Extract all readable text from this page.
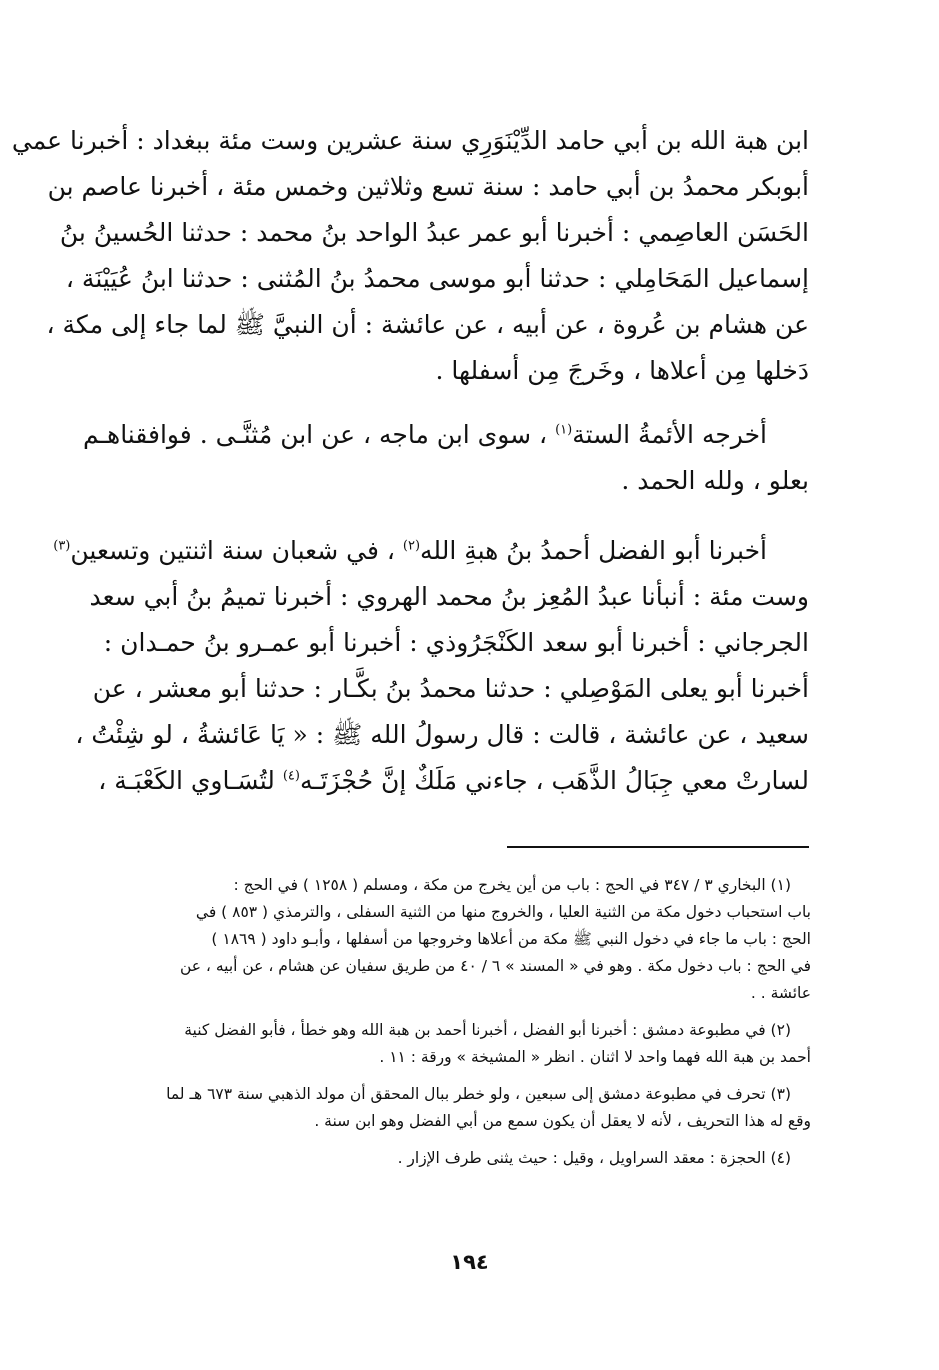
ابن هبة الله بن أبي حامد الدِّيْنَوَرِي سنة عشرين وست مئة ببغداد : أخبرنا عمي
أبوبكر محمدُ بن أبي حامد : سنة تسع وثلاثين وخمس مئة ، أخبرنا عاصم بن
الحَسَن العاصِمي : أخبرنا أبو عمر عبدُ الواحد بنُ محمد : حدثنا الحُسينُ بنُ
إسماعيل المَحَامِلي : حدثنا أبو موسى محمدُ بنُ المُثنى : حدثنا ابنُ عُيَيْنَة ،
عن هشام بن عُروة ، عن أبيه ، عن عائشة : أن النبيَّ ﷺ لما جاء إلى مكة ،
دَخلها مِن أعلاها ، وخَرجَ مِن أسفلها .
أخرجه الأئمةُ الستة$^{(١)}$ ، سوى ابن ماجه ، عن ابن مُثنَّـى . فوافقناهـم
بعلو ، ولله الحمد .
أخبرنا أبو الفضل أحمدُ بنُ هبةِ الله$^{(٢)}$ ، في شعبان سنة اثنتين وتسعين$^{(٣)}$
وست مئة : أنبأنا عبدُ المُعِز بنُ محمد الهروي : أخبرنا تميمُ بنُ أبي سعد
الجرجاني : أخبرنا أبو سعد الكَنْجَرُوذي : أخبرنا أبو عمـرو بنُ حمـدان :
أخبرنا أبو يعلى المَوْصِلي : حدثنا محمدُ بنُ بكَّـار : حدثنا أبو معشر ، عن
سعيد ، عن عائشة ، قالت : قال رسولُ الله ﷺ : « يَا عَائشةُ ، لو شِئْتُ ،
لسارتْ معي جِبَالُ الذَّهَب ، جاءني مَلَكٌ إنَّ حُجْزَتَـه$^{(٤)}$ لتُسَـاوي الكَعْبَـة ،
(١) البخاري ٣ / ٣٤٧ في الحج : باب من أين يخرج من مكة ، ومسلم ( ١٢٥٨ ) في الحج :
باب استحباب دخول مكة من الثنية العليا ، والخروج منها من الثنية السفلى ، والترمذي ( ٨٥٣ ) في
الحج : باب ما جاء في دخول النبي ﷺ مكة من أعلاها وخروجها من أسفلها ، وأبـو داود ( ١٨٦٩ )
في الحج : باب دخول مكة . وهو في « المسند » ٦ / ٤٠ من طريق سفيان عن هشام ، عن أبيه ، عن
عائشة . .
(٢) في مطبوعة دمشق : أخبرنا أبو الفضل ، أخبرنا أحمد بن هبة الله وهو خطأ ، فأبو الفضل كنية
أحمد بن هبة الله فهما واحد لا اثنان . انظر « المشيخة » ورقة : ١١ .
(٣) تحرف في مطبوعة دمشق إلى سبعين ، ولو خطر ببال المحقق أن مولد الذهبي سنة ٦٧٣ هـ لما
وقع له هذا التحريف ، لأنه لا يعقل أن يكون سمع من أبي الفضل وهو ابن سنة .
(٤) الحجزة : معقد السراويل ، وقيل : حيث يثنى طرف الإزار .
١٩٤
